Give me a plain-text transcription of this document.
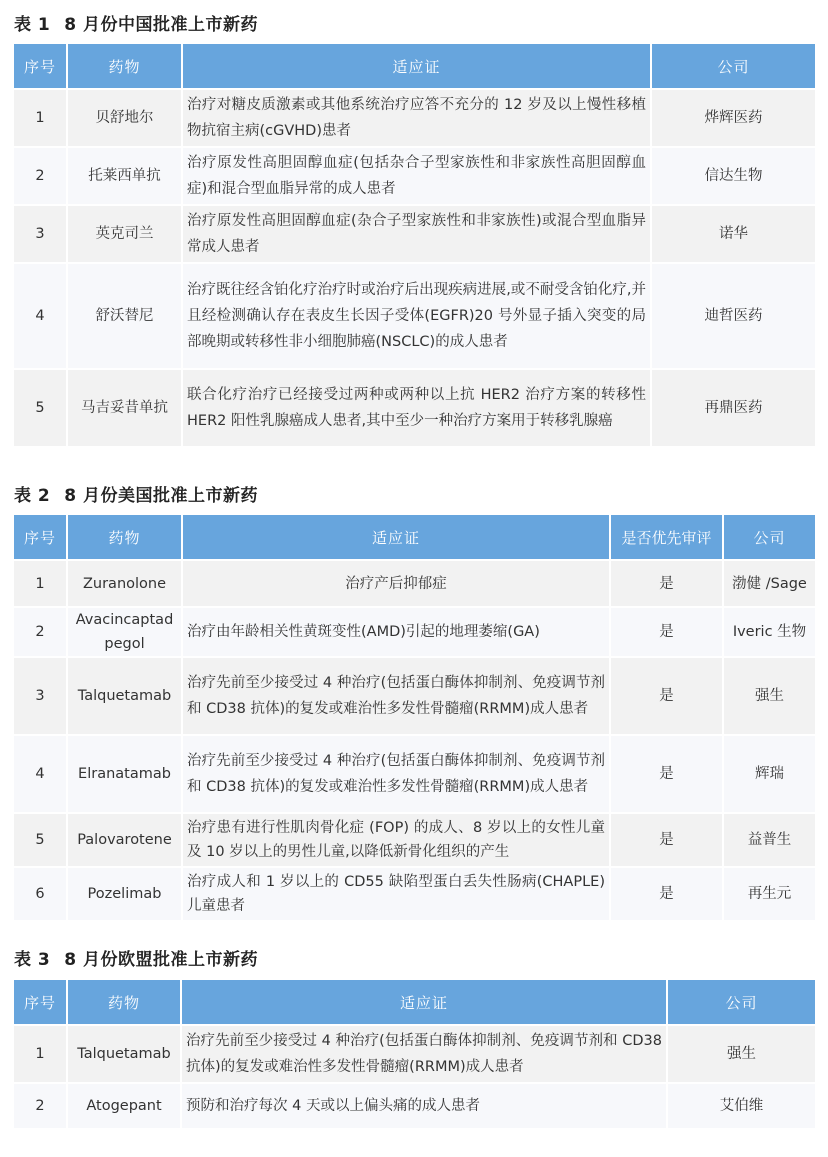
表 1 8 月份中国批准上市新药
序号	药物	适应证	公司
1	贝舒地尔	治疗对糖皮质激素或其他系统治疗应答不充分的 12 岁及以上慢性移植物抗宿主病(cGVHD)患者	烨辉医药
2	托莱西单抗	治疗原发性高胆固醇血症(包括杂合子型家族性和非家族性高胆固醇血症)和混合型血脂异常的成人患者	信达生物
3	英克司兰	治疗原发性高胆固醇血症(杂合子型家族性和非家族性)或混合型血脂异常成人患者	诺华
4	舒沃替尼	治疗既往经含铂化疗治疗时或治疗后出现疾病进展,或不耐受含铂化疗,并且经检测确认存在表皮生长因子受体(EGFR)20 号外显子插入突变的局部晚期或转移性非小细胞肺癌(NSCLC)的成人患者	迪哲医药
5	马吉妥昔单抗	联合化疗治疗已经接受过两种或两种以上抗 HER2 治疗方案的转移性 HER2 阳性乳腺癌成人患者,其中至少一种治疗方案用于转移乳腺癌	再鼎医药
表 2 8 月份美国批准上市新药
序号	药物	适应证	是否优先审评	公司
1	Zuranolone	治疗产后抑郁症	是	渤健 /Sage
2	Avacincaptad pegol	治疗由年龄相关性黄斑变性(AMD)引起的地理萎缩(GA)	是	Iveric 生物
3	Talquetamab	治疗先前至少接受过 4 种治疗(包括蛋白酶体抑制剂、免疫调节剂和 CD38 抗体)的复发或难治性多发性骨髓瘤(RRMM)成人患者	是	强生
4	Elranatamab	治疗先前至少接受过 4 种治疗(包括蛋白酶体抑制剂、免疫调节剂和 CD38 抗体)的复发或难治性多发性骨髓瘤(RRMM)成人患者	是	辉瑞
5	Palovarotene	治疗患有进行性肌肉骨化症 (FOP) 的成人、8 岁以上的女性儿童及 10 岁以上的男性儿童,以降低新骨化组织的产生	是	益普生
6	Pozelimab	治疗成人和 1 岁以上的 CD55 缺陷型蛋白丢失性肠病(CHAPLE)儿童患者	是	再生元
表 3 8 月份欧盟批准上市新药
序号	药物	适应证	公司
1	Talquetamab	治疗先前至少接受过 4 种治疗(包括蛋白酶体抑制剂、免疫调节剂和 CD38 抗体)的复发或难治性多发性骨髓瘤(RRMM)成人患者	强生
2	Atogepant	预防和治疗每次 4 天或以上偏头痛的成人患者	艾伯维
